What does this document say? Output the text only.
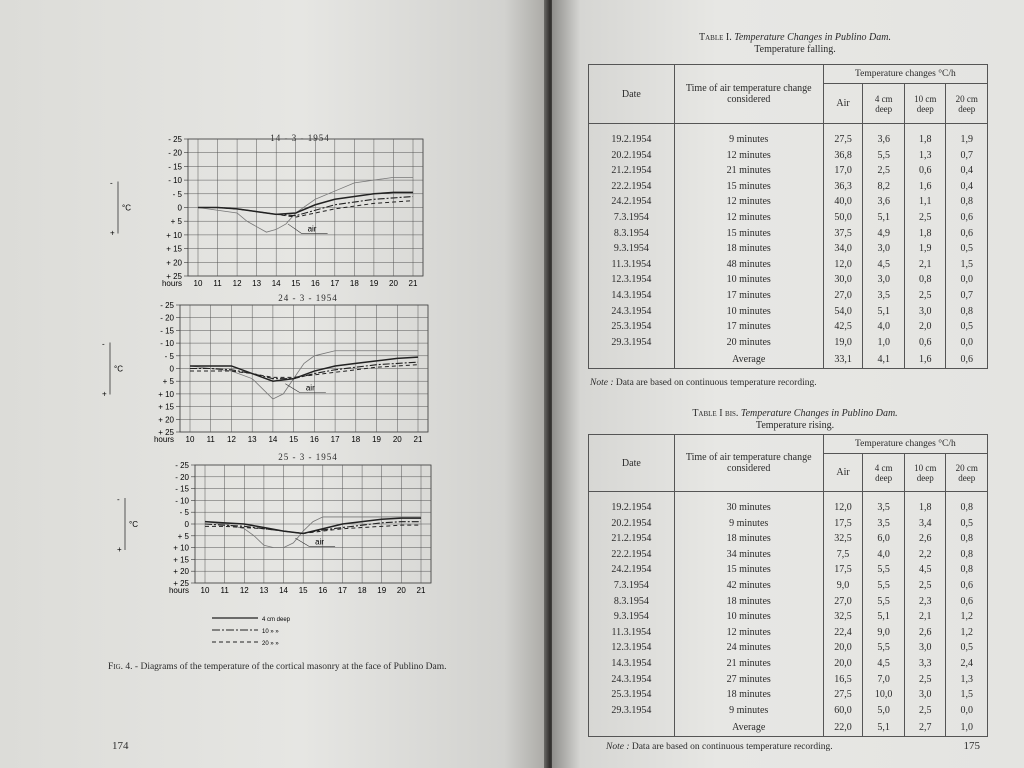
14 - 3 - 1954
10 11 12 13 14 15 16 17 18 19 20 21
- 25
- 20
- 15
- 10
- 5
0
+ 5
+ 10
+ 15
+ 20
+ 25
hours
°C
-
+	air
24 - 3 - 1954
10 11 12 13 14 15 16 17 18 19 20 21
- 25
- 20
- 15
- 10
- 5
0
+ 5
+ 10
+ 15
+ 20
+ 25
hours
°C
-
+
air
25 - 3 - 1954
10 11 12 13 14 15 16 17 18 19 20 21
- 25
- 20
- 15
- 10
- 5
0
+ 5
+ 10
+ 15
+ 20
+ 25
hours
°C
-
+
air
4 cm deep
10 » »
20 » »
Fig. 4. - Diagrams of the temperature of the cortical masonry at the face of Publino Dam.
174
Table I. Temperature Changes in Publino Dam.
Temperature falling.
Date	Time of air temperature change considered	Temperature changes °C/h			
		Air	4 cm deep	10 cm deep	20 cm deep

19.2.1954	9 minutes	27,5	3,6	1,8	1,9
20.2.1954	12 minutes	36,8	5,5	1,3	0,7
21.2.1954	21 minutes	17,0	2,5	0,6	0,4
22.2.1954	15 minutes	36,3	8,2	1,6	0,4
24.2.1954	12 minutes	40,0	3,6	1,1	0,8
7.3.1954	12 minutes	50,0	5,1	2,5	0,6
8.3.1954	15 minutes	37,5	4,9	1,8	0,6
9.3.1954	18 minutes	34,0	3,0	1,9	0,5
11.3.1954	48 minutes	12,0	4,5	2,1	1,5
12.3.1954	10 minutes	30,0	3,0	0,8	0,0
14.3.1954	17 minutes	27,0	3,5	2,5	0,7
24.3.1954	10 minutes	54,0	5,1	3,0	0,8
25.3.1954	17 minutes	42,5	4,0	2,0	0,5
29.3.1954	20 minutes	19,0	1,0	0,6	0,0
	Average	33,1	4,1	1,6	0,6
Note : Data are based on continuous temperature recording.
Table I bis. Temperature Changes in Publino Dam.
Temperature rising.
Date	Time of air temperature change considered	Temperature changes °C/h			
		Air	4 cm deep	10 cm deep	20 cm deep

19.2.1954	30 minutes	12,0	3,5	1,8	0,8
20.2.1954	9 minutes	17,5	3,5	3,4	0,5
21.2.1954	18 minutes	32,5	6,0	2,6	0,8
22.2.1954	34 minutes	7,5	4,0	2,2	0,8
24.2.1954	15 minutes	17,5	5,5	4,5	0,8
7.3.1954	42 minutes	9,0	5,5	2,5	0,6
8.3.1954	18 minutes	27,0	5,5	2,3	0,6
9.3.1954	10 minutes	32,5	5,1	2,1	1,2
11.3.1954	12 minutes	22,4	9,0	2,6	1,2
12.3.1954	24 minutes	20,0	5,5	3,0	0,5
14.3.1954	21 minutes	20,0	4,5	3,3	2,4
24.3.1954	27 minutes	16,5	7,0	2,5	1,3
25.3.1954	18 minutes	27,5	10,0	3,0	1,5
29.3.1954	9 minutes	60,0	5,0	2,5	0,0
	Average	22,0	5,1	2,7	1,0
Note : Data are based on continuous temperature recording.	175
